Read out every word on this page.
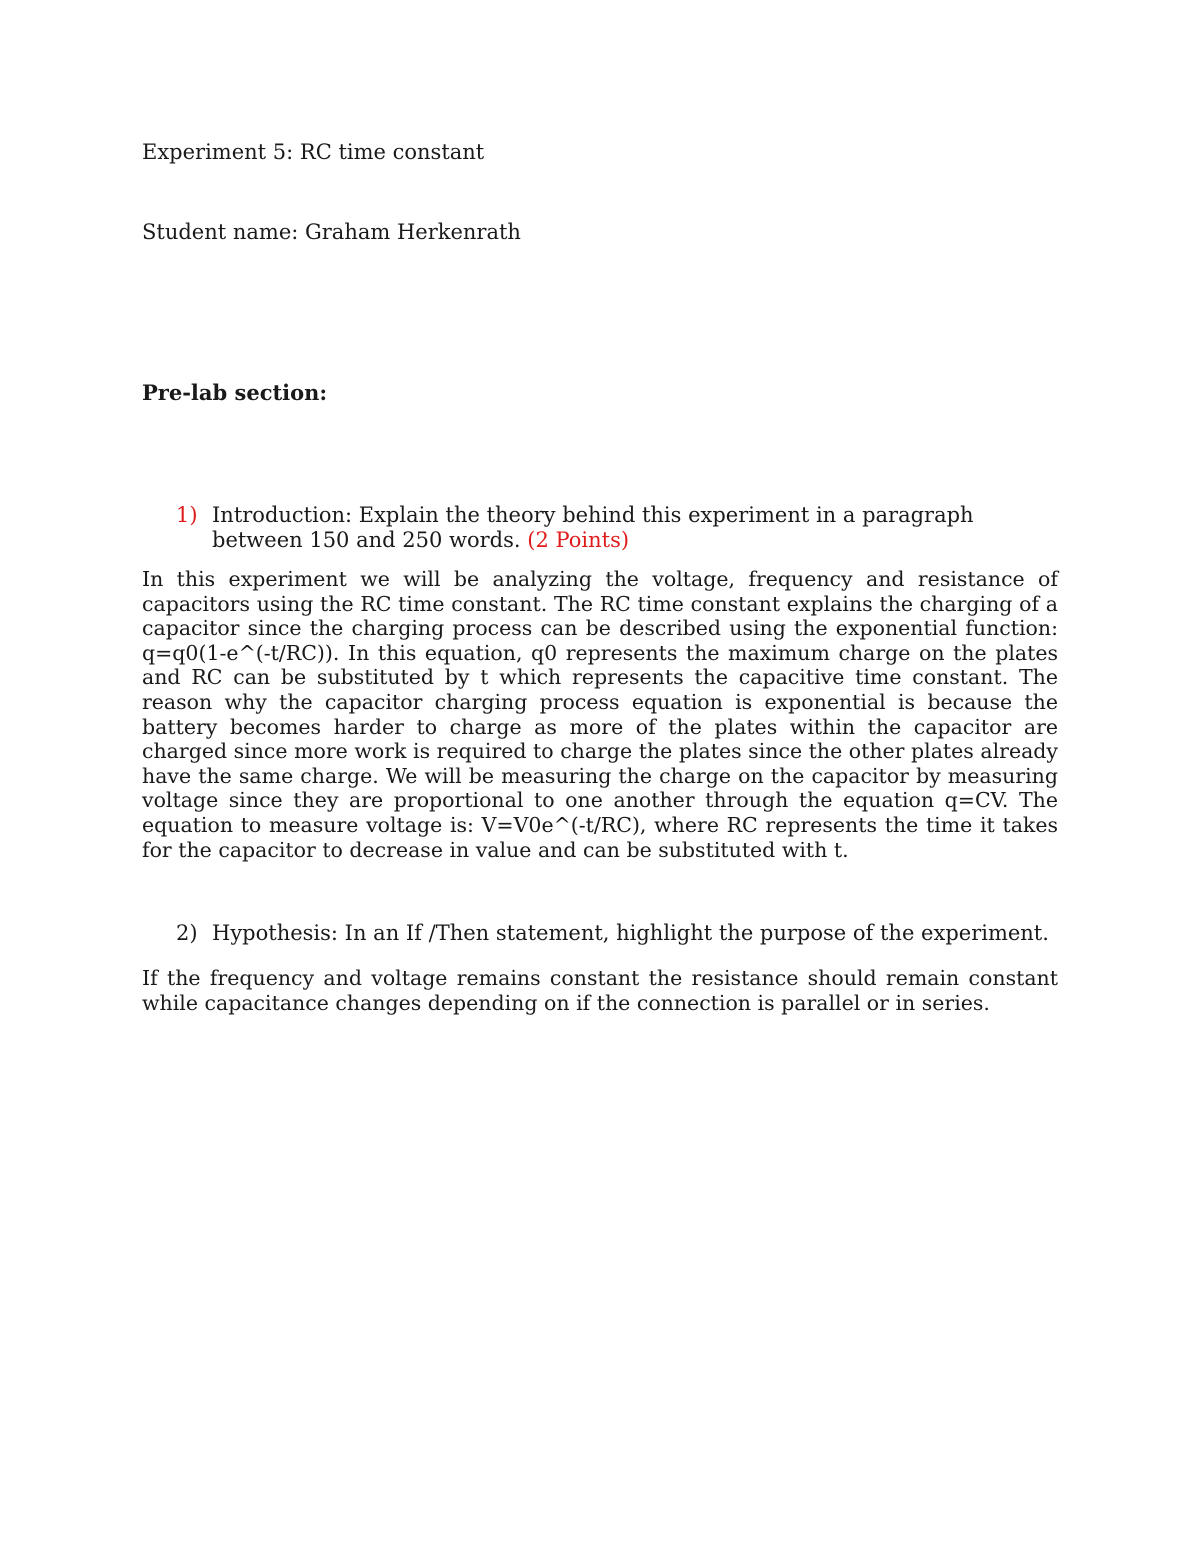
Experiment 5: RC time constant
Student name: Graham Herkenrath
Pre-lab section:
1) Introduction: Explain the theory behind this experiment in a paragraph between 150 and 250 words. (2 Points)
In this experiment we will be analyzing the voltage, frequency and resistance of capacitors using the RC time constant. The RC time constant explains the charging of a capacitor since the charging process can be described using the exponential function: q=q0(1-e^(-t/RC)). In this equation, q0 represents the maximum charge on the plates and RC can be substituted by t which represents the capacitive time constant. The reason why the capacitor charging process equation is exponential is because the battery becomes harder to charge as more of the plates within the capacitor are charged since more work is required to charge the plates since the other plates already have the same charge. We will be measuring the charge on the capacitor by measuring voltage since they are proportional to one another through the equation q=CV. The equation to measure voltage is: V=V0e^(-t/RC), where RC represents the time it takes for the capacitor to decrease in value and can be substituted with t.
2) Hypothesis: In an If /Then statement, highlight the purpose of the experiment.
If the frequency and voltage remains constant the resistance should remain constant while capacitance changes depending on if the connection is parallel or in series.
